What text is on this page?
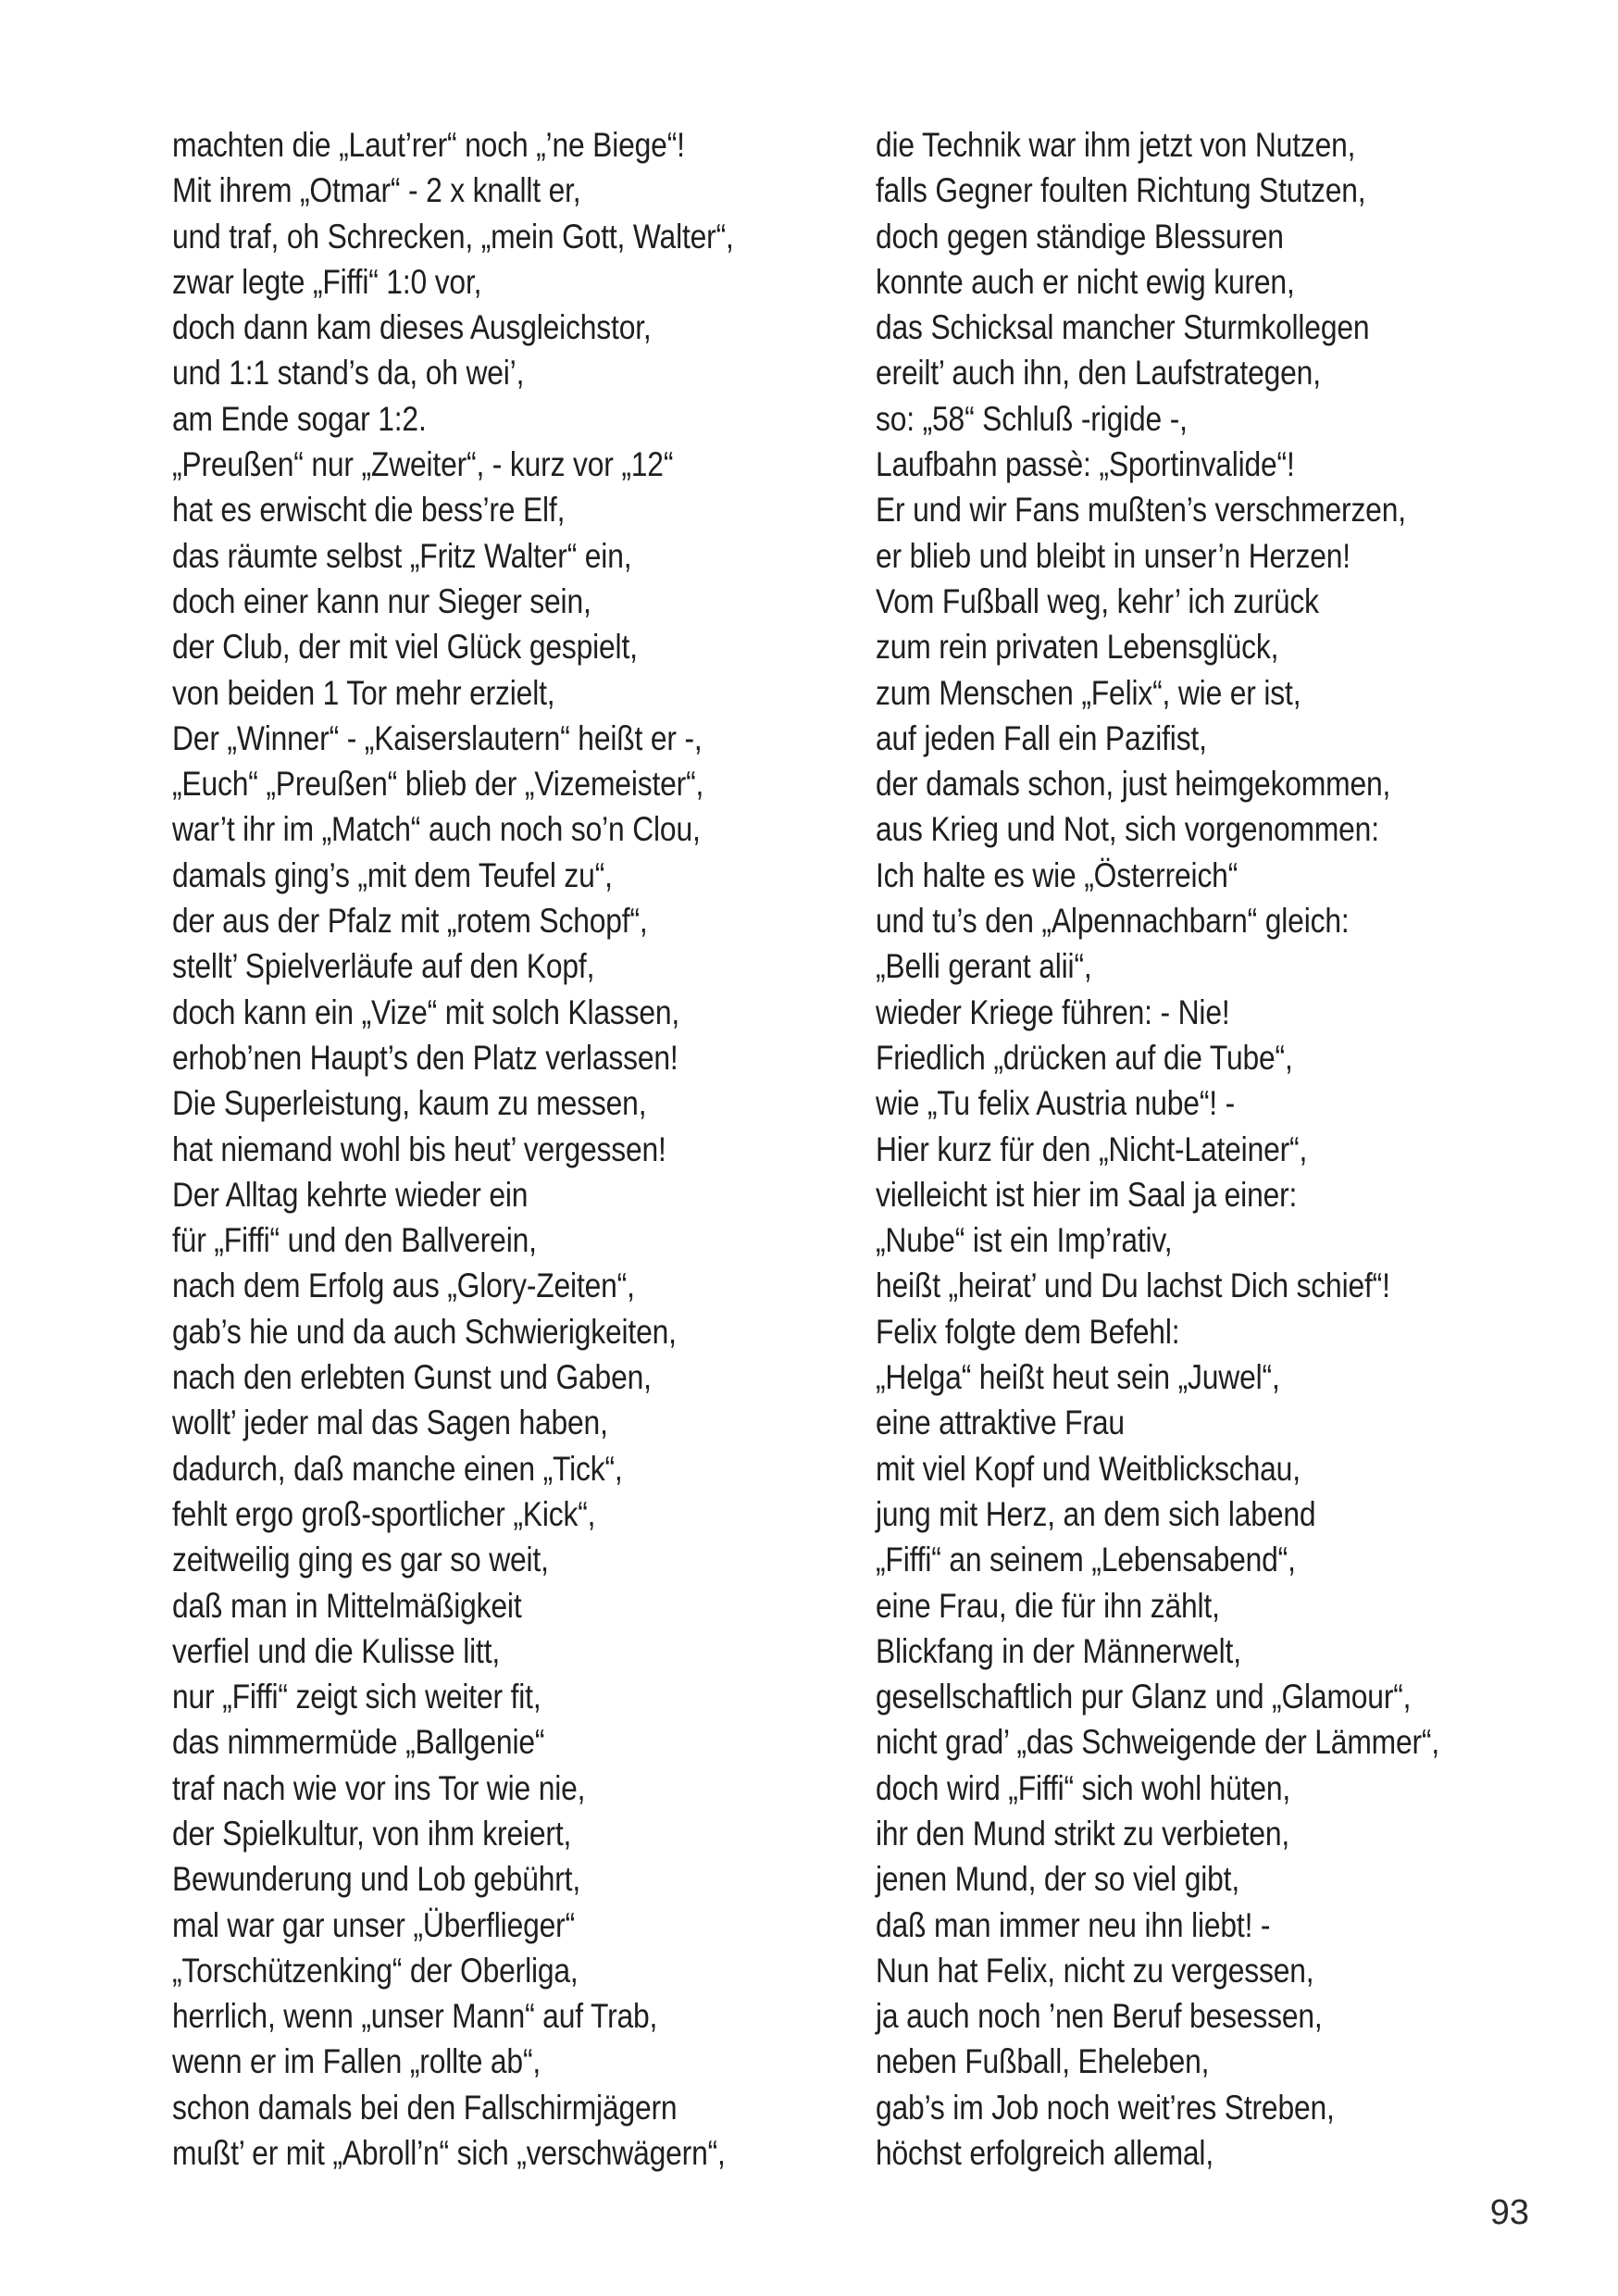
machten die „Laut’rer“ noch „’ne Biege“!
Mit ihrem „Otmar“ - 2 x knallt er,
und traf, oh Schrecken, „mein Gott, Walter“,
zwar legte „Fiffi“ 1:0 vor,
doch dann kam dieses Ausgleichstor,
und 1:1 stand’s da, oh wei’,
am Ende sogar 1:2.
„Preußen“ nur „Zweiter“, - kurz vor „12“
hat es erwischt die bess’re Elf,
das räumte selbst „Fritz Walter“ ein,
doch einer kann nur Sieger sein,
der Club, der mit viel Glück gespielt,
von beiden 1 Tor mehr erzielt,
Der „Winner“ - „Kaiserslautern“ heißt er -,
„Euch“ „Preußen“ blieb der „Vizemeister“,
war’t ihr im „Match“ auch noch so’n Clou,
damals ging’s „mit dem Teufel zu“,
der aus der Pfalz mit „rotem Schopf“,
stellt’ Spielverläufe auf den Kopf,
doch kann ein „Vize“ mit solch Klassen,
erhob’nen Haupt’s den Platz verlassen!
Die Superleistung, kaum zu messen,
hat niemand wohl bis heut’ vergessen!
Der Alltag kehrte wieder ein
für „Fiffi“ und den Ballverein,
nach dem Erfolg aus „Glory-Zeiten“,
gab’s hie und da auch Schwierigkeiten,
nach den erlebten Gunst und Gaben,
wollt’ jeder mal das Sagen haben,
dadurch, daß manche einen „Tick“,
fehlt ergo groß-sportlicher „Kick“,
zeitweilig ging es gar so weit,
daß man in Mittelmäßigkeit
verfiel und die Kulisse litt,
nur „Fiffi“ zeigt sich weiter fit,
das nimmermüde „Ballgenie“
traf nach wie vor ins Tor wie nie,
der Spielkultur, von ihm kreiert,
Bewunderung und Lob gebührt,
mal war gar unser „Überflieger“
„Torschützenking“ der Oberliga,
herrlich, wenn „unser Mann“ auf Trab,
wenn er im Fallen „rollte ab“,
schon damals bei den Fallschirmjägern
mußt’ er mit „Abroll’n“ sich „verschwägern“,
die Technik war ihm jetzt von Nutzen,
falls Gegner foulten Richtung Stutzen,
doch gegen ständige Blessuren
konnte auch er nicht ewig kuren,
das Schicksal mancher Sturmkollegen
ereilt’ auch ihn, den Laufstrategen,
so: „58“ Schluß -rigide -,
Laufbahn passè: „Sportinvalide“!
Er und wir Fans mußten’s verschmerzen,
er blieb und bleibt in unser’n Herzen!
Vom Fußball weg, kehr’ ich zurück
zum rein privaten Lebensglück,
zum Menschen „Felix“, wie er ist,
auf jeden Fall ein Pazifist,
der damals schon, just heimgekommen,
aus Krieg und Not, sich vorgenommen:
Ich halte es wie „Österreich“
und tu’s den „Alpennachbarn“ gleich:
„Belli gerant alii“,
wieder Kriege führen: - Nie!
Friedlich „drücken auf die Tube“,
wie „Tu felix Austria nube“! -
Hier kurz für den „Nicht-Lateiner“,
vielleicht ist hier im Saal ja einer:
„Nube“ ist ein Imp’rativ,
heißt „heirat’ und Du lachst Dich schief“!
Felix folgte dem Befehl:
„Helga“ heißt heut sein „Juwel“,
eine attraktive Frau
mit viel Kopf und Weitblickschau,
jung mit Herz, an dem sich labend
„Fiffi“ an seinem „Lebensabend“,
eine Frau, die für ihn zählt,
Blickfang in der Männerwelt,
gesellschaftlich pur Glanz und „Glamour“,
nicht grad’ „das Schweigende der Lämmer“,
doch wird „Fiffi“ sich wohl hüten,
ihr den Mund strikt zu verbieten,
jenen Mund, der so viel gibt,
daß man immer neu ihn liebt! -
Nun hat Felix, nicht zu vergessen,
ja auch noch ’nen Beruf besessen,
neben Fußball, Eheleben,
gab’s im Job noch weit’res Streben,
höchst erfolgreich allemal,
93
